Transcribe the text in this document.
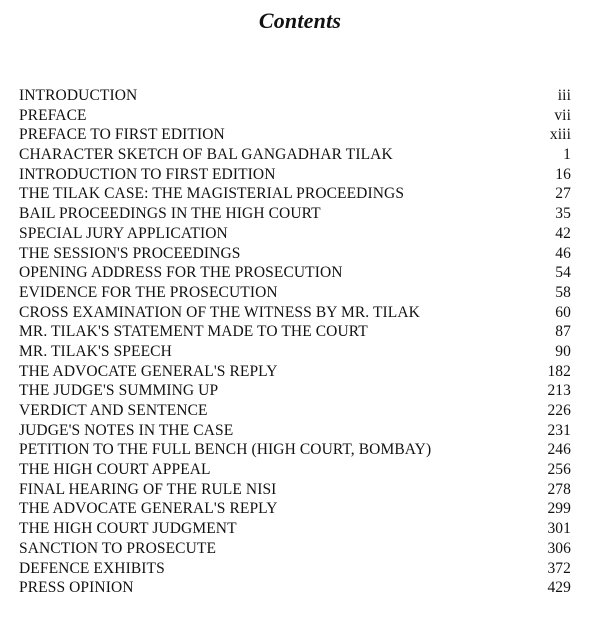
Contents
INTRODUCTION	iii
PREFACE	vii
PREFACE TO FIRST EDITION	xiii
CHARACTER SKETCH OF BAL GANGADHAR TILAK	1
INTRODUCTION TO FIRST EDITION	16
THE TILAK CASE: THE MAGISTERIAL PROCEEDINGS	27
BAIL PROCEEDINGS IN THE HIGH COURT	35
SPECIAL JURY APPLICATION	42
THE SESSION'S PROCEEDINGS	46
OPENING ADDRESS FOR THE PROSECUTION	54
EVIDENCE FOR THE PROSECUTION	58
CROSS EXAMINATION OF THE WITNESS BY MR. TILAK	60
MR. TILAK'S STATEMENT MADE TO THE COURT	87
MR. TILAK'S SPEECH	90
THE ADVOCATE GENERAL'S REPLY	182
THE JUDGE'S SUMMING UP	213
VERDICT AND SENTENCE	226
JUDGE'S NOTES IN THE CASE	231
PETITION TO THE FULL BENCH (HIGH COURT, BOMBAY)	246
THE HIGH COURT APPEAL	256
FINAL HEARING OF THE RULE NISI	278
THE ADVOCATE GENERAL'S REPLY	299
THE HIGH COURT JUDGMENT	301
SANCTION TO PROSECUTE	306
DEFENCE EXHIBITS	372
PRESS OPINION	429
